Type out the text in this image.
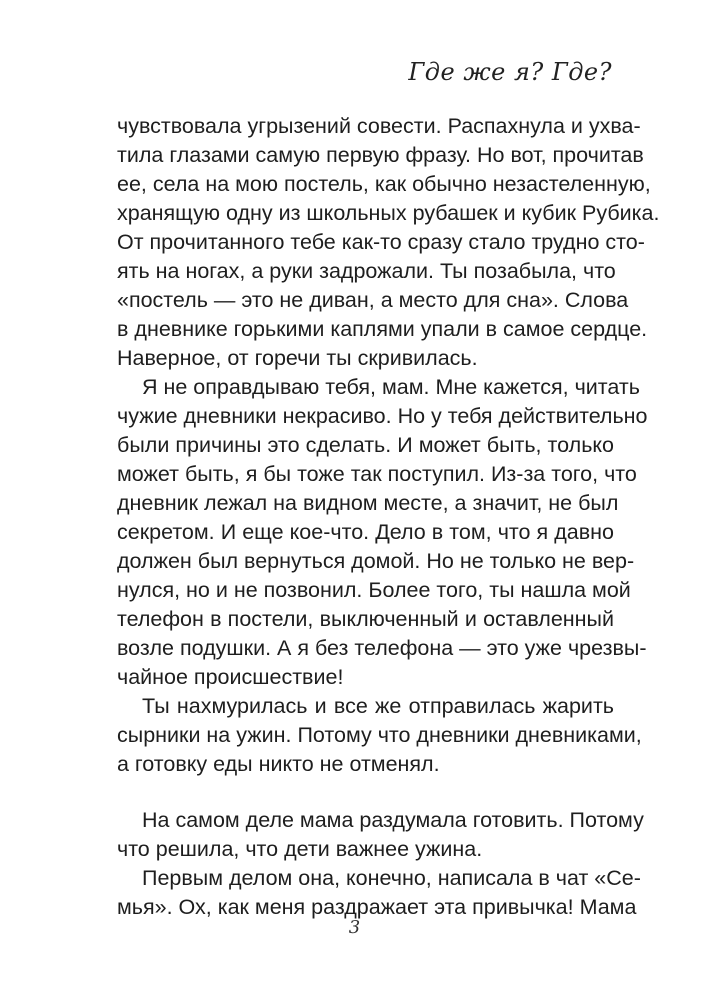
Где же я? Где?
чувствовала угрызений совести. Распахнула и ухва-
тила глазами самую первую фразу. Но вот, прочитав
ее, села на мою постель, как обычно незастеленную,
хранящую одну из школьных рубашек и кубик Рубика.
От прочитанного тебе как-то сразу стало трудно сто-
ять на ногах, а руки задрожали. Ты позабыла, что
«постель — это не диван, а место для сна». Слова
в дневнике горькими каплями упали в самое сердце.
Наверное, от горечи ты скривилась.
Я не оправдываю тебя, мам. Мне кажется, читать
чужие дневники некрасиво. Но у тебя действительно
были причины это сделать. И может быть, только
может быть, я бы тоже так поступил. Из-за того, что
дневник лежал на видном месте, а значит, не был
секретом. И еще кое-что. Дело в том, что я давно
должен был вернуться домой. Но не только не вер-
нулся, но и не позвонил. Более того, ты нашла мой
телефон в постели, выключенный и оставленный
возле подушки. А я без телефона — это уже чрезвы-
чайное происшествие!
Ты нахмурилась и все же отправилась жарить
сырники на ужин. Потому что дневники дневниками,
а готовку еды никто не отменял.
На самом деле мама раздумала готовить. Потому
что решила, что дети важнее ужина.
Первым делом она, конечно, написала в чат «Се-
мья». Ох, как меня раздражает эта привычка! Мама
3
